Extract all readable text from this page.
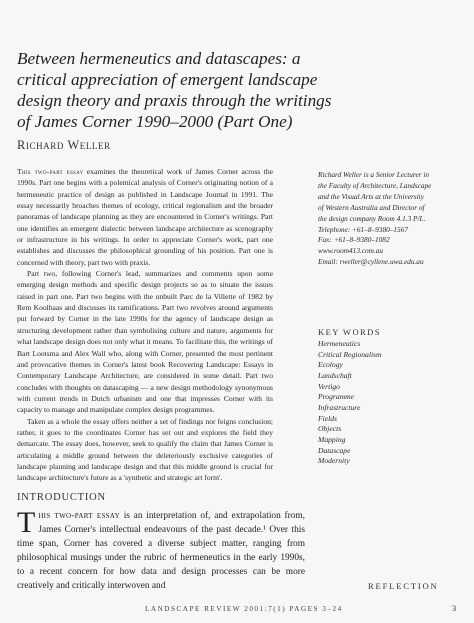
Between hermeneutics and datascapes: a critical appreciation of emergent landscape design theory and praxis through the writings of James Corner 1990–2000 (Part One)
Richard Weller

This two-part essay examines the theoretical work of James Corner across the 1990s. Part one begins with a polemical analysis of Corner's originating notion of a hermeneutic practice of design as published in Landscape Journal in 1991. The essay necessarily broaches themes of ecology, critical regionalism and the broader panoramas of landscape planning as they are encountered in Corner's writings. Part one identifies an emergent dialectic between landscape architecture as scenography or infrastructure in his writings. In order to appreciate Corner's work, part one establishes and discusses the philosophical grounding of his position. Part one is concerned with theory, part two with praxis.

Part two, following Corner's lead, summarizes and comments upon some emerging design methods and specific design projects so as to situate the issues raised in part one. Part two begins with the unbuilt Parc de la Villette of 1982 by Rem Koolhaas and discusses its ramifications. Part two revolves around arguments put forward by Corner in the late 1990s for the agency of landscape design as structuring development rather than symbolising culture and nature, arguments for what landscape design does not only what it means. To facilitate this, the writings of Bart Lootsma and Alex Wall who, along with Corner, presented the most pertinent and provocative themes in Corner's latest book Recovering Landscape: Essays in Contemporary Landscape Architecture, are considered in some detail. Part two concludes with thoughts on datascaping — a new design methodology synonymous with current trends in Dutch urbanism and one that impresses Corner with its capacity to manage and manipulate complex design programmes.

Taken as a whole the essay offers neither a set of findings nor feigns conclusion; rather, it goes to the coordinates Corner has set out and explores the field they demarcate. The essay does, however, seek to qualify the claim that James Corner is articulating a middle ground between the deleteriously exclusive categories of landscape planning and landscape design and that this middle ground is crucial for landscape architecture's future as a 'synthetic and strategic art form'.

Richard Weller is a Senior Lecturer in
the Faculty of Architecture, Landscape
and the Visual Arts at the University
of Western Australia and Director of
the design company Room 4.1.3 P/L.
Telephone: +61–8–9380–1567
Fax: +61–8–9380–1082
www.room413.com.au
Email: rweller@cyllene.uwa.edu.au
KEY WORDS
Hermeneutics
Critical Regionalism
Ecology
Landschaft
Vertigo
Programme
Infrastructure
Fields
Objects
Mapping
Datascape
Modernity
INTRODUCTION
This two-part essay is an interpretation of, and extrapolation from, James Corner's intellectual endeavours of the past decade.¹ Over this time span, Corner has covered a diverse subject matter, ranging from philosophical musings under the rubric of hermeneutics in the early 1990s, to a recent concern for how data and design processes can be more creatively and critically interwoven and	REFLECTION
LANDSCAPE REVIEW 2001:7(1) PAGES 3–24	3
